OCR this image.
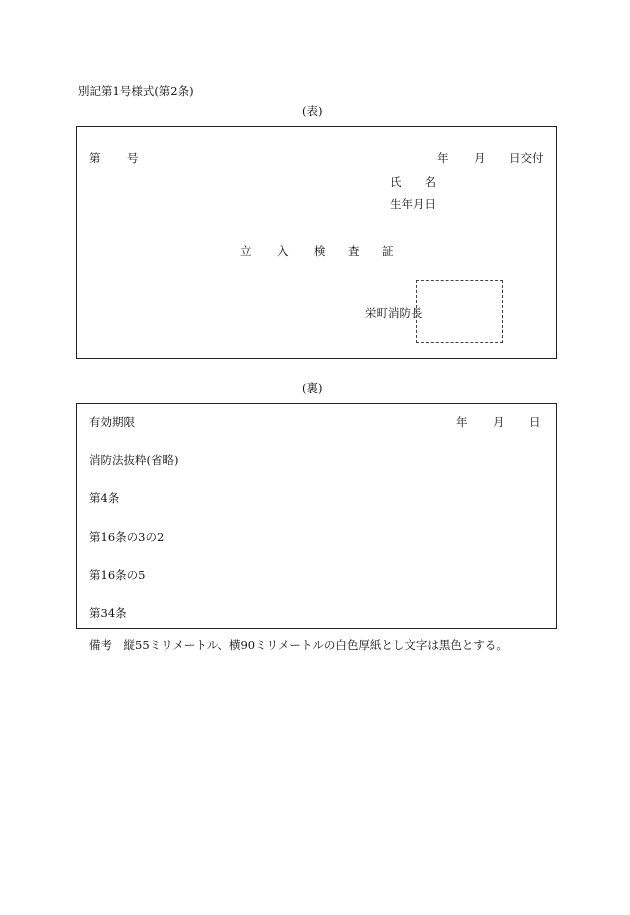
別記第1号様式(第2条)
(表)
第 号	年 月 日交付
氏　　名
生年月日
立 入 検 査 証
栄町消防長
(裏)
有効期限	年 月 日
消防法抜粋(省略)
第4条
第16条の3の2
第16条の5
第34条
備考　縦55ミリメートル、横90ミリメートルの白色厚紙とし文字は黒色とする。
